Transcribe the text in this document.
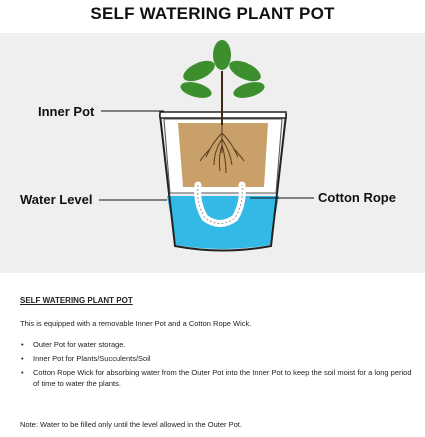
SELF WATERING PLANT POT
Inner Pot
Water Level	Cotton Rope

SELF WATERING PLANT POT

This is equipped with a removable Inner Pot and a Cotton Rope Wick.

• Outer Pot for water storage.
• Inner Pot for Plants/Succulents/Soil
• Cotton Rope Wick for absorbing water from the Outer Pot into the Inner Pot to keep the soil moist for a long period of time to water the plants.
Note: Water to be filled only until the level allowed in the Outer Pot.
